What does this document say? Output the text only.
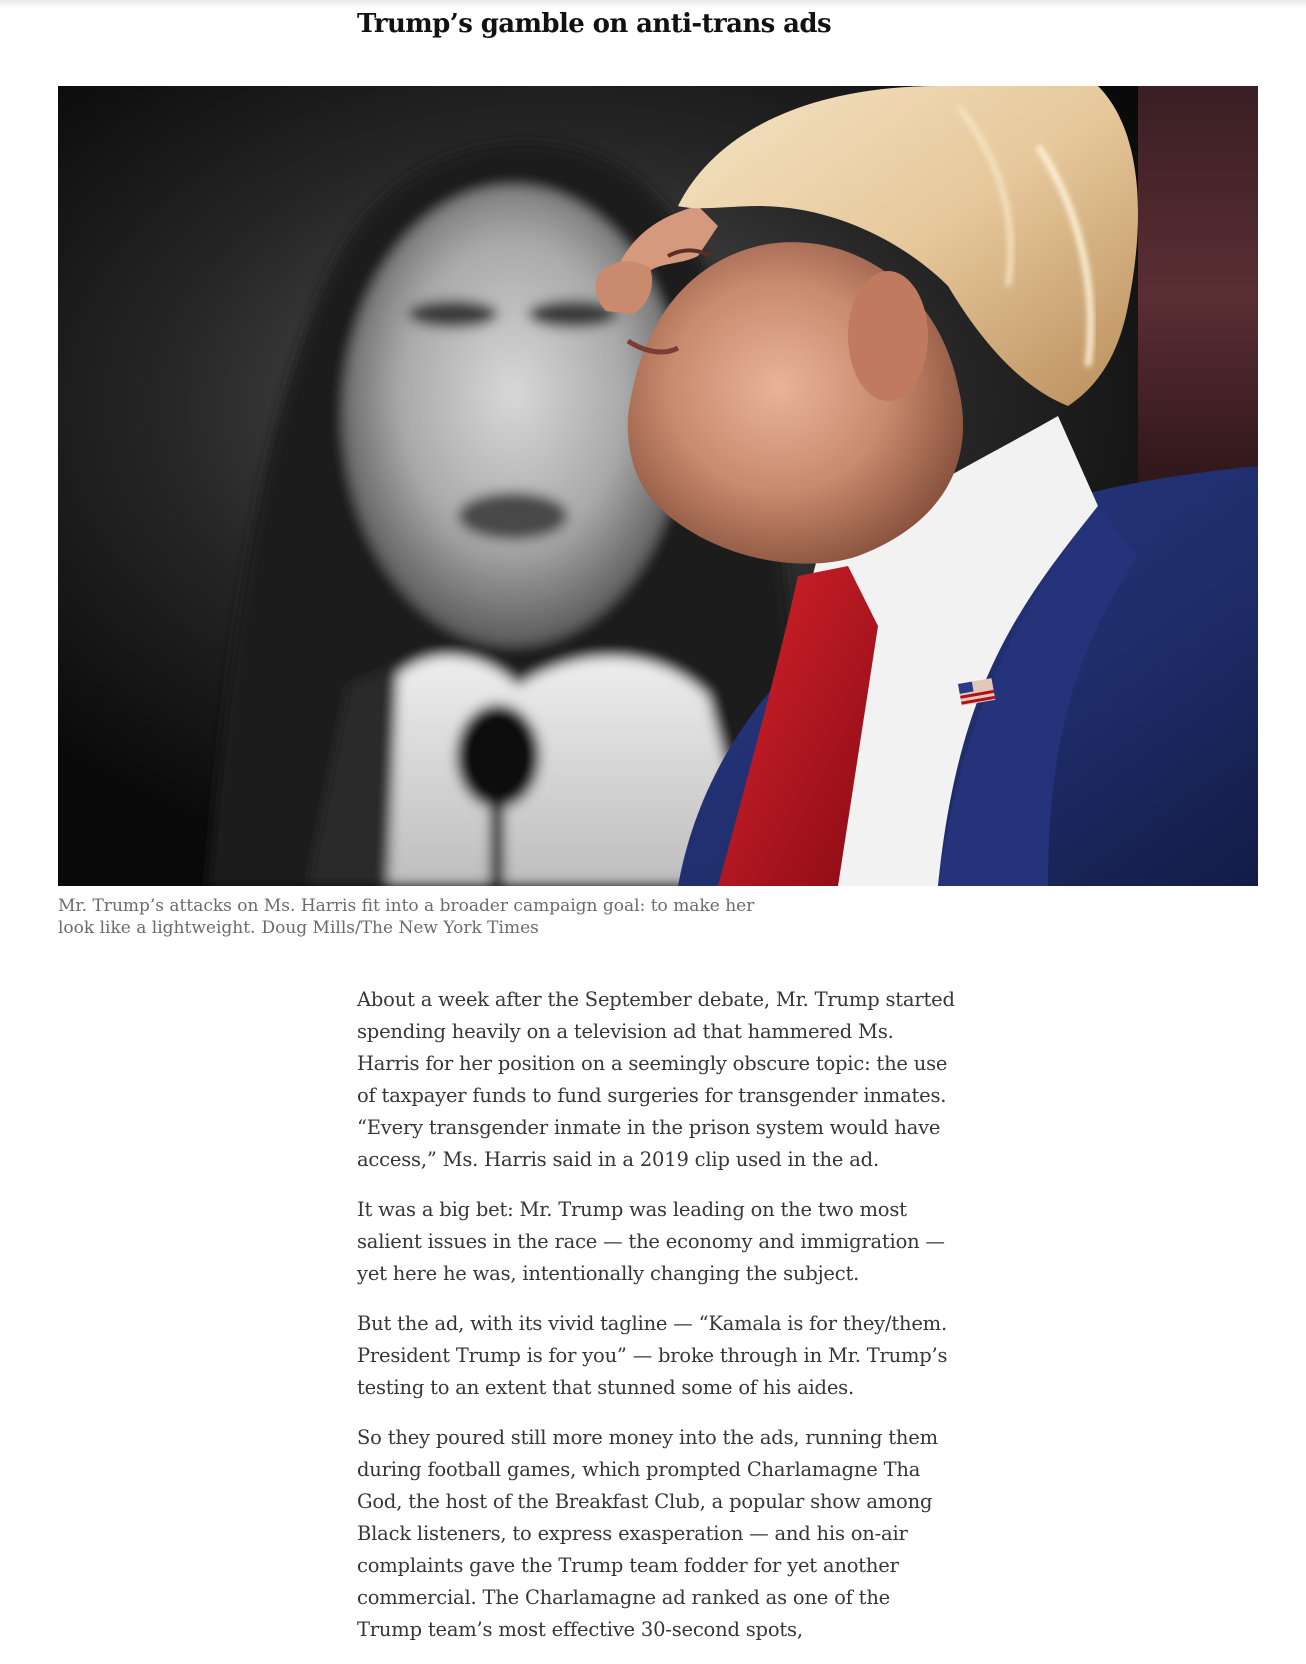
Trump’s gamble on anti-trans ads

Mr. Trump’s attacks on Ms. Harris fit into a broader campaign goal: to make her look like a lightweight. Doug Mills/The New York Times

About a week after the September debate, Mr. Trump started spending heavily on a television ad that hammered Ms. Harris for her position on a seemingly obscure topic: the use of taxpayer funds to fund surgeries for transgender inmates. “Every transgender inmate in the prison system would have access,” Ms. Harris said in a 2019 clip used in the ad.

It was a big bet: Mr. Trump was leading on the two most salient issues in the race — the economy and immigration — yet here he was, intentionally changing the subject.

But the ad, with its vivid tagline — “Kamala is for they/them. President Trump is for you” — broke through in Mr. Trump’s testing to an extent that stunned some of his aides.

So they poured still more money into the ads, running them during football games, which prompted Charlamagne Tha God, the host of the Breakfast Club, a popular show among Black listeners, to express exasperation — and his on-air complaints gave the Trump team fodder for yet another commercial. The Charlamagne ad ranked as one of the Trump team’s most effective 30-second spots,
